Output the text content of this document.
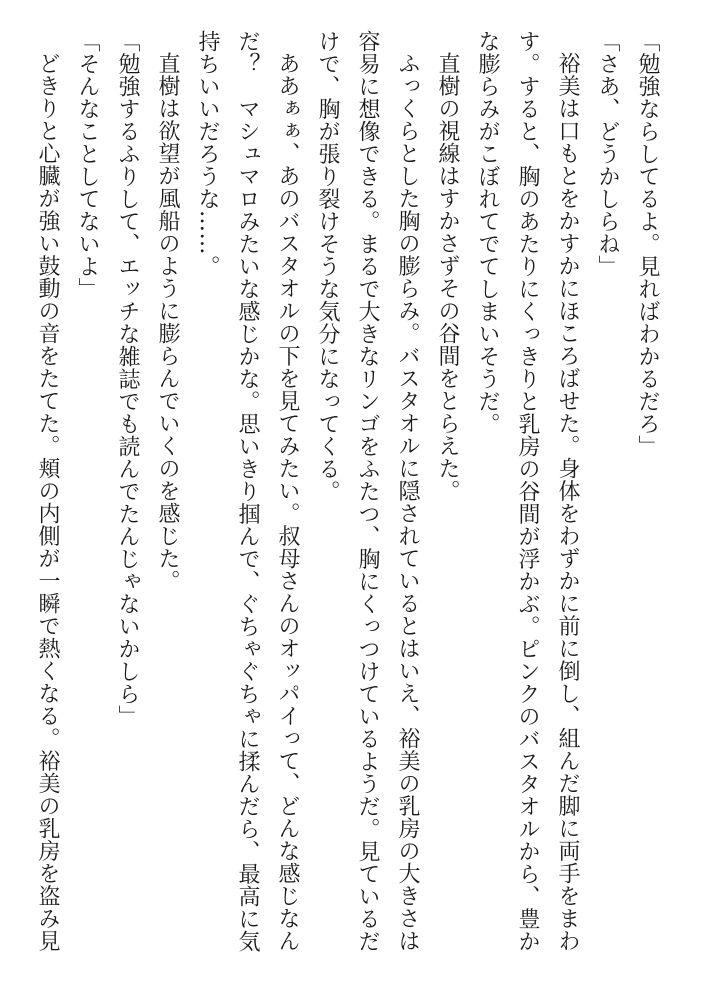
「勉強ならしてるよ。見ればわかるだろ」
「さあ、どうかしらね」
裕美は口もとをかすかにほころばせた。身体をわずかに前に倒し、組んだ脚に両手をまわ
す。すると、胸のあたりにくっきりと乳房の谷間が浮かぶ。ピンクのバスタオルから、豊か
な膨らみがこぼれてでてしまいそうだ。
直樹の視線はすかさずその谷間をとらえた。
ふっくらとした胸の膨らみ。バスタオルに隠されているとはいえ、裕美の乳房の大きさは
容易に想像できる。まるで大きなリンゴをふたつ、胸にくっつけているようだ。見ているだ
けで、胸が張り裂けそうな気分になってくる。
ああぁぁ、あのバスタオルの下を見てみたい。叔母さんのオッパイって、どんな感じなん
だ？　マシュマロみたいな感じかな。思いきり掴んで、ぐちゃぐちゃに揉んだら、最高に気
持ちいいだろうな……。
直樹は欲望が風船のように膨らんでいくのを感じた。
「勉強するふりして、エッチな雑誌でも読んでたんじゃないかしら」
「そんなことしてないよ」
どきりと心臓が強い鼓動の音をたてた。頬の内側が一瞬で熱くなる。裕美の乳房を盗み見
